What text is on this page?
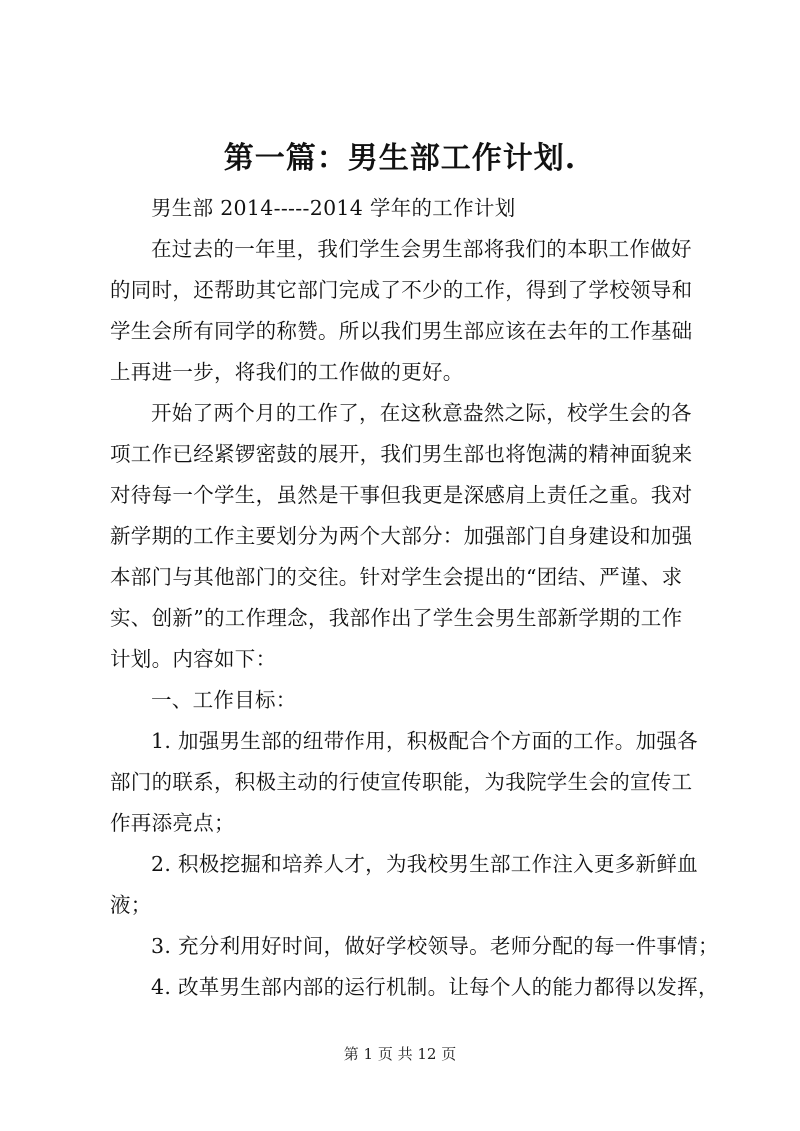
第一篇：男生部工作计划.

男生部 2014-----2014 学年的工作计划

在过去的一年里，我们学生会男生部将我们的本职工作做好
的同时，还帮助其它部门完成了不少的工作，得到了学校领导和
学生会所有同学的称赞。所以我们男生部应该在去年的工作基础
上再进一步，将我们的工作做的更好。

开始了两个月的工作了，在这秋意盎然之际，校学生会的各
项工作已经紧锣密鼓的展开，我们男生部也将饱满的精神面貌来
对待每一个学生，虽然是干事但我更是深感肩上责任之重。我对
新学期的工作主要划分为两个大部分：加强部门自身建设和加强
本部门与其他部门的交往。针对学生会提出的“团结、严谨、求
实、创新”的工作理念，我部作出了学生会男生部新学期的工作
计划。内容如下：

一、工作目标：

1. 加强男生部的纽带作用，积极配合个方面的工作。加强各
部门的联系，积极主动的行使宣传职能，为我院学生会的宣传工
作再添亮点；

2. 积极挖掘和培养人才，为我校男生部工作注入更多新鲜血
液；

3. 充分利用好时间，做好学校领导。老师分配的每一件事情；

4. 改革男生部内部的运行机制。让每个人的能力都得以发挥，

第 1 页 共 12 页
